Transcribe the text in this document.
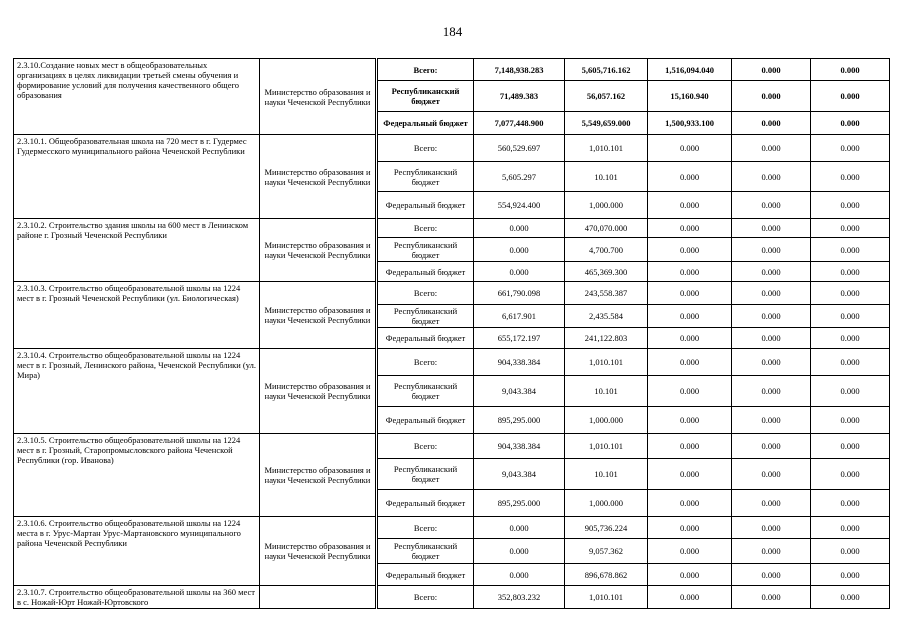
184
2.3.10.Создание новых мест в общеобразовательных организациях в целях ликвидации третьей смены обучения и формирование условий для получения качественного общего образования	Министерство образования и науки Чеченской Республики		Всего:	7,148,938.283	5,605,716.162	1,516,094.040	0.000	0.000
			Республиканский бюджет	71,489.383	56,057.162	15,160.940	0.000	0.000
			Федеральный бюджет	7,077,448.900	5,549,659.000	1,500,933.100	0.000	0.000
2.3.10.1. Общеобразовательная школа на 720 мест в г. Гудермес Гудермесского муниципального района Чеченской Республики	Министерство образования и науки Чеченской Республики		Всего:	560,529.697	1,010.101	0.000	0.000	0.000
			Республиканский бюджет	5,605.297	10.101	0.000	0.000	0.000
			Федеральный бюджет	554,924.400	1,000.000	0.000	0.000	0.000
2.3.10.2. Строительство здания школы на 600 мест в Ленинском районе г. Грозный Чеченской Республики	Министерство образования и науки Чеченской Республики		Всего:	0.000	470,070.000	0.000	0.000	0.000
			Республиканский бюджет	0.000	4,700.700	0.000	0.000	0.000
			Федеральный бюджет	0.000	465,369.300	0.000	0.000	0.000
2.3.10.3. Строительство общеобразовательной школы на 1224 мест в г. Грозный Чеченской Республики (ул. Биологическая)	Министерство образования и науки Чеченской Республики		Всего:	661,790.098	243,558.387	0.000	0.000	0.000
			Республиканский бюджет	6,617.901	2,435.584	0.000	0.000	0.000
			Федеральный бюджет	655,172.197	241,122.803	0.000	0.000	0.000
2.3.10.4. Строительство общеобразовательной школы на 1224 мест в г. Грозный, Ленинского района, Чеченской Республики (ул. Мира)	Министерство образования и науки Чеченской Республики		Всего:	904,338.384	1,010.101	0.000	0.000	0.000
			Республиканский бюджет	9,043.384	10.101	0.000	0.000	0.000
			Федеральный бюджет	895,295.000	1,000.000	0.000	0.000	0.000
2.3.10.5. Строительство общеобразовательной школы на 1224 мест в г. Грозный, Старопромысловского района Чеченской Республики (гор. Иванова)	Министерство образования и науки Чеченской Республики		Всего:	904,338.384	1,010.101	0.000	0.000	0.000
			Республиканский бюджет	9,043.384	10.101	0.000	0.000	0.000
			Федеральный бюджет	895,295.000	1,000.000	0.000	0.000	0.000
2.3.10.6. Строительство общеобразовательной школы на 1224 места в г. Урус-Мартан Урус-Мартановского муниципального района Чеченской Республики	Министерство образования и науки Чеченской Республики		Всего:	0.000	905,736.224	0.000	0.000	0.000
			Республиканский бюджет	0.000	9,057.362	0.000	0.000	0.000
			Федеральный бюджет	0.000	896,678.862	0.000	0.000	0.000
2.3.10.7. Строительство общеобразовательной школы на 360 мест в с. Ножай-Юрт Ножай-Юртовского			Всего:	352,803.232	1,010.101	0.000	0.000	0.000
